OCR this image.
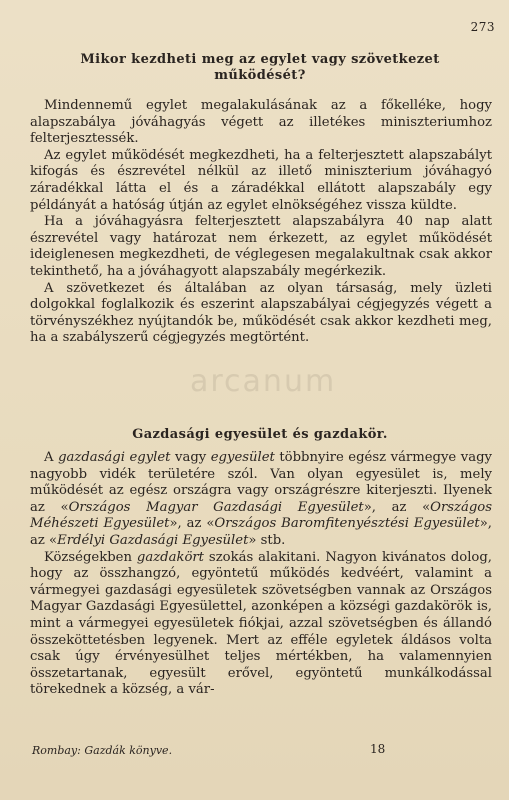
273
Mikor kezdheti meg az egylet vagy szövetkezet
működését?

Mindennemű egylet megalakulásának az a főkelléke, hogy alapszabálya jóváhagyás végett az illetékes miniszteriumhoz felterjesztessék.

Az egylet működését megkezdheti, ha a felterjesztett alapszabályt kifogás és észrevétel nélkül az illető miniszterium jóváhagyó záradékkal látta el és a záradékkal ellátott alapszabály egy példányát a hatóság útján az egylet elnökségéhez vissza küldte.

Ha a jóváhagyásra felterjesztett alapszabályra 40 nap alatt észrevétel vagy határozat nem érkezett, az egylet működését ideiglenesen megkezdheti, de véglegesen megalakultnak csak akkor tekinthető, ha a jóváhagyott alapszabály megérkezik.

A szövetkezet és általában az olyan társaság, mely üzleti dolgokkal foglalkozik és eszerint alapszabályai cégjegyzés végett a törvényszékhez nyújtandók be, működését csak akkor kezdheti meg, ha a szabályszerű cégjegyzés megtörtént.

arcanum
Gazdasági egyesület és gazdakör.

A gazdasági egylet vagy egyesület többnyire egész vármegye vagy nagyobb vidék területére szól. Van olyan egyesület is, mely működését az egész országra vagy országrészre kiterjeszti. Ilyenek az «Országos Magyar Gazdasági Egyesület», az «Országos Méhészeti Egyesület», az «Országos Baromfitenyésztési Egyesület», az «Erdélyi Gazdasági Egyesület» stb.

Községekben gazdakört szokás alakitani. Nagyon kivánatos dolog, hogy az összhangzó, egyöntetű működés kedvéért, valamint a vármegyei gazdasági egyesületek szövetségben vannak az Országos Magyar Gazdasági Egyesülettel, azonképen a községi gazdakörök is, mint a vármegyei egyesületek fiókjai, azzal szövetségben és állandó összeköttetésben legyenek. Mert az efféle egyletek áldásos volta csak úgy érvényesülhet teljes mértékben, ha valamennyien összetartanak, egyesült erővel, egyöntetű munkálkodással törekednek a község, a vár-

Rombay: Gazdák könyve.	18
